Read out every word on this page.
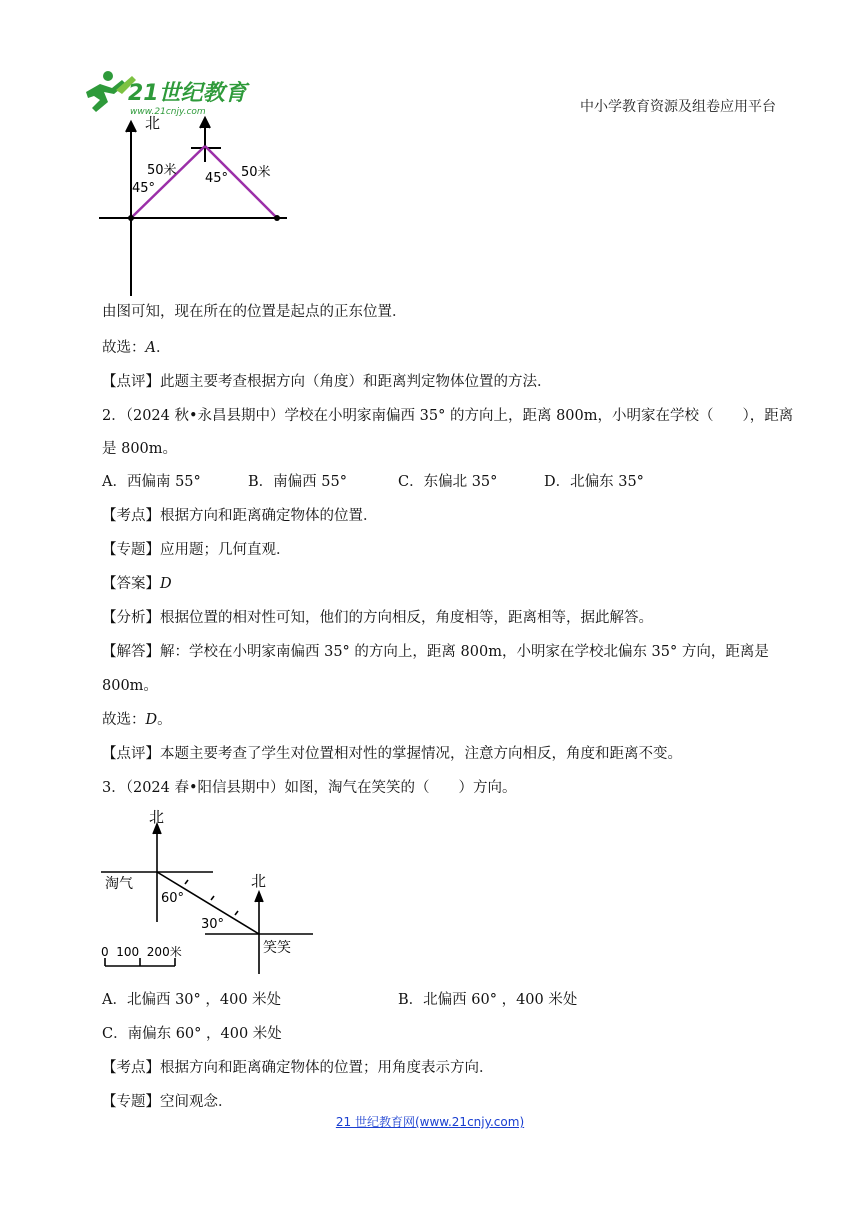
21世纪教育
www.21cnjy.com	中小学教育资源及组卷应用平台
北
50米	50米
45°
45°
由图可知，现在所在的位置是起点的正东位置．
故选：A．
【点评】此题主要考查根据方向（角度）和距离判定物体位置的方法．
2．（2024 秋•永昌县期中）学校在小明家南偏西 35° 的方向上，距离 800m，小明家在学校（　　），距离
是 800m。
A．西偏南 55°	B．南偏西 55°	C．东偏北 35°	D．北偏东 35°
【考点】根据方向和距离确定物体的位置．
【专题】应用题；几何直观．
【答案】D
【分析】根据位置的相对性可知，他们的方向相反，角度相等，距离相等，据此解答。
【解答】解：学校在小明家南偏西 35° 的方向上，距离 800m，小明家在学校北偏东 35° 方向，距离是
800m。
故选：D。
【点评】本题主要考查了学生对位置相对性的掌握情况，注意方向相反，角度和距离不变。
3．（2024 春•阳信县期中）如图，淘气在笑笑的（　　）方向。
北
北
淘气
笑笑
60°
30°
0  100  200米
A．北偏西 30° ，400 米处	B．北偏西 60° ，400 米处
C．南偏东 60° ，400 米处
【考点】根据方向和距离确定物体的位置；用角度表示方向．
【专题】空间观念．
21 世纪教育网(www.21cnjy.com)
